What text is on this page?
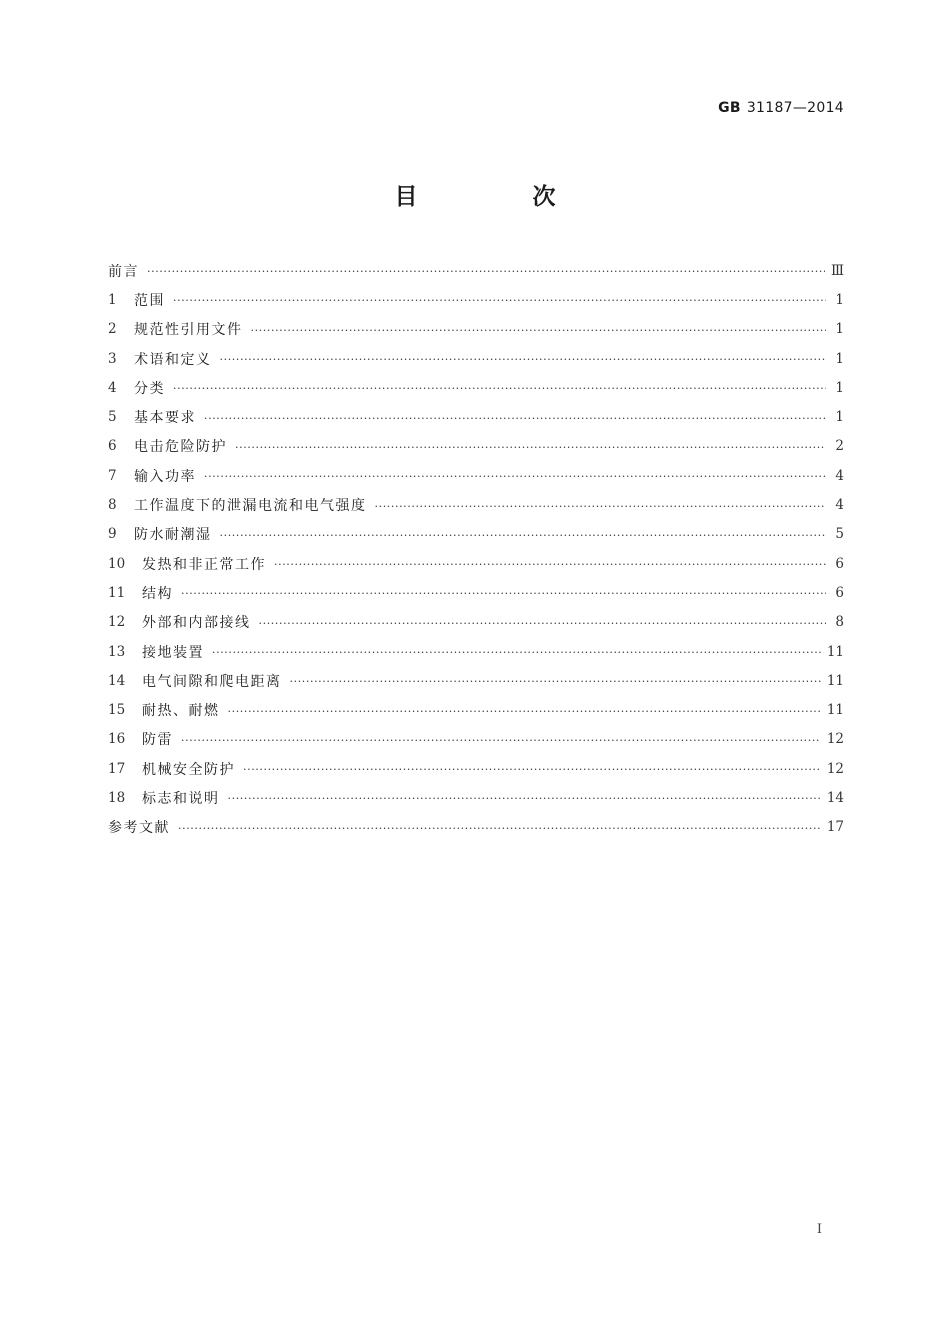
GB 31187—2014
目　次
前言 ·····	Ⅲ
1	范围 ·····	1
2	规范性引用文件 ·····	1
3	术语和定义 ·····	1
4	分类 ·····	1
5	基本要求 ·····	1
6	电击危险防护 ·····	2
7	输入功率 ·····	4
8	工作温度下的泄漏电流和电气强度 ·····	4
9	防水耐潮湿 ·····	5
10	发热和非正常工作 ·····	6
11	结构 ·····	6
12	外部和内部接线 ·····	8
13	接地装置 ·····	11
14	电气间隙和爬电距离 ·····	11
15	耐热、耐燃 ·····	11
16	防雷 ·····	12
17	机械安全防护 ·····	12
18	标志和说明 ·····	14
参考文献 ·····	17
I
